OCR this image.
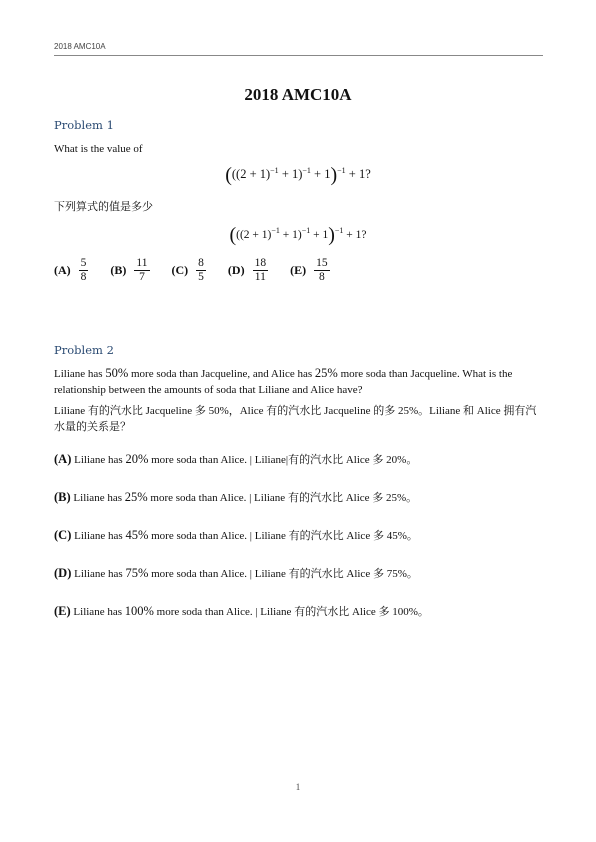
2018 AMC10A
2018 AMC10A
Problem 1
What is the value of
$(((2 + 1)^{-1} + 1)^{-1} + 1)^{-1} + 1$?
下列算式的值是多少
$(((2 + 1)^{-1} + 1)^{-1} + 1)^{-1} + 1$?
$(A) \frac{5}{8} (B) \frac{11}{7} (C) \frac{8}{5} (D) \frac{18}{11} (E) \frac{15}{8}$
Problem 2
Liliane has 50% more soda than Jacqueline, and Alice has 25% more soda than Jacqueline. What is the relationship between the amounts of soda that Liliane and Alice have?
Liliane 有的汽水比 Jacqueline 多 50%，Alice 有的汽水比 Jacqueline 的多 25%。Liliane 和 Alice 拥有汽水量的关系是？
(A) Liliane has 20% more soda than Alice. | Liliane|有的汽水比 Alice 多 20%。
(B) Liliane has 25% more soda than Alice. | Liliane 有的汽水比 Alice 多 25%。
(C) Liliane has 45% more soda than Alice. | Liliane 有的汽水比 Alice 多 45%。
(D) Liliane has 75% more soda than Alice. | Liliane 有的汽水比 Alice 多 75%。
(E) Liliane has 100% more soda than Alice. | Liliane 有的汽水比 Alice 多 100%。
1
